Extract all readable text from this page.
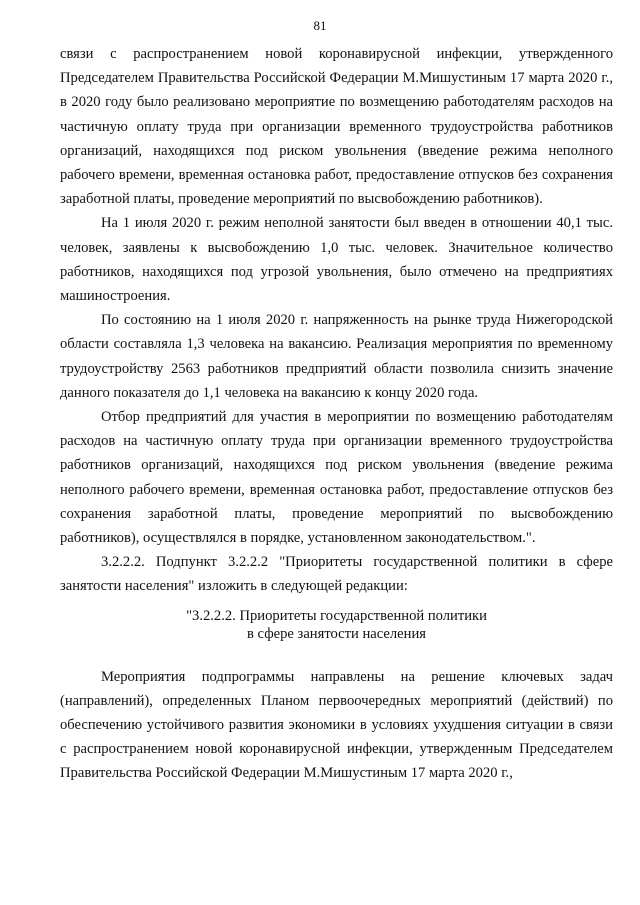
81

связи с распространением новой коронавирусной инфекции, утвержденного Председателем Правительства Российской Федерации М.Мишустиным 17 марта 2020 г., в 2020 году было реализовано мероприятие по возмещению работодателям расходов на частичную оплату труда при организации временного трудоустройства работников организаций, находящихся под риском увольнения (введение режима неполного рабочего времени, временная остановка работ, предоставление отпусков без сохранения заработной платы, проведение мероприятий по высвобождению работников).

На 1 июля 2020 г. режим неполной занятости был введен в отношении 40,1 тыс. человек, заявлены к высвобождению 1,0 тыс. человек. Значительное количество работников, находящихся под угрозой увольнения, было отмечено на предприятиях машиностроения.

По состоянию на 1 июля 2020 г. напряженность на рынке труда Нижегородской области составляла 1,3 человека на вакансию. Реализация мероприятия по временному трудоустройству 2563 работников предприятий области позволила снизить значение данного показателя до 1,1 человека на вакансию к концу 2020 года.

Отбор предприятий для участия в мероприятии по возмещению работодателям расходов на частичную оплату труда при организации временного трудоустройства работников организаций, находящихся под риском увольнения (введение режима неполного рабочего времени, временная остановка работ, предоставление отпусков без сохранения заработной платы, проведение мероприятий по высвобождению работников), осуществлялся в порядке, установленном законодательством.".

3.2.2.2. Подпункт 3.2.2.2 "Приоритеты государственной политики в сфере занятости населения" изложить в следующей редакции:

"3.2.2.2. Приоритеты государственной политики
в сфере занятости населения

Мероприятия подпрограммы направлены на решение ключевых задач (направлений), определенных Планом первоочередных мероприятий (действий) по обеспечению устойчивого развития экономики в условиях ухудшения ситуации в связи с распространением новой коронавирусной инфекции, утвержденным Председателем Правительства Российской Федерации М.Мишустиным 17 марта 2020 г.,
